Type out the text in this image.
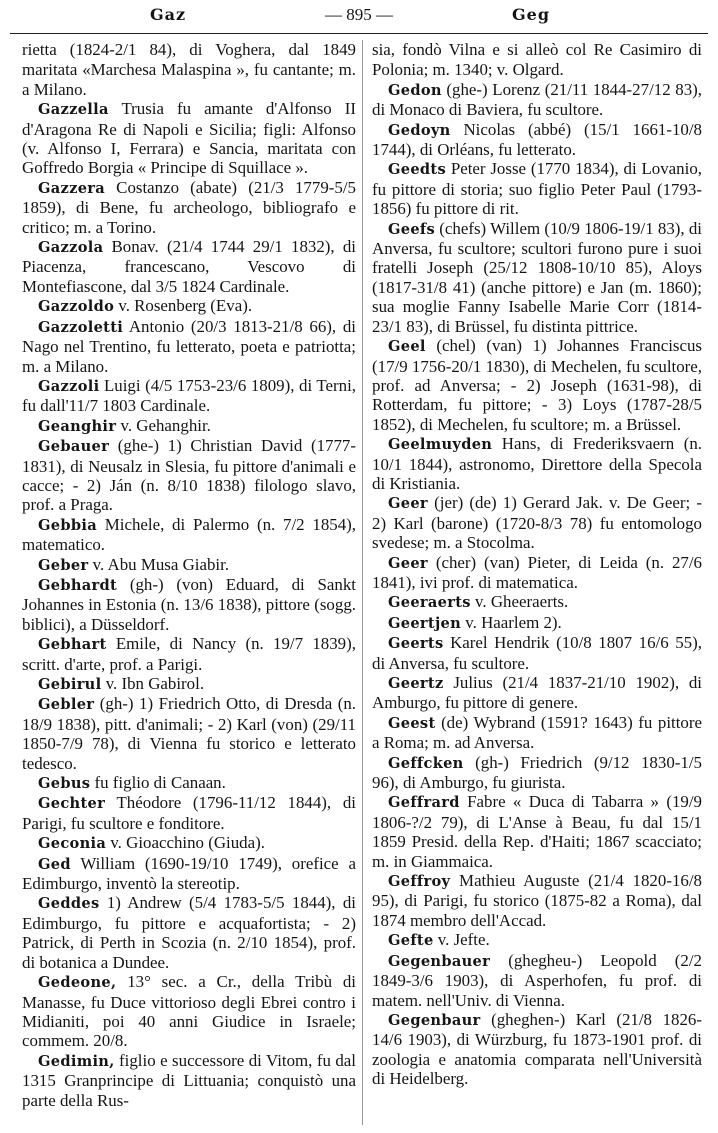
Gaz	— 895 —	Geg

rietta (1824-2/1 84), di Voghera, dal 1849 maritata «Marchesa Malaspina », fu cantante; m. a Milano.

Gazzella Trusia fu amante d'Alfonso II d'Aragona Re di Napoli e Sicilia; figli: Alfonso (v. Alfonso I, Ferrara) e Sancia, maritata con Goffredo Borgia « Principe di Squillace ».

Gazzera Costanzo (abate) (21/3 1779-5/5 1859), di Bene, fu archeologo, bibliografo e critico; m. a Torino.

Gazzola Bonav. (21/4 1744 29/1 1832), di Piacenza, francescano, Vescovo di Montefiascone, dal 3/5 1824 Cardinale.

Gazzoldo v. Rosenberg (Eva).

Gazzoletti Antonio (20/3 1813-21/8 66), di Nago nel Trentino, fu letterato, poeta e patriotta; m. a Milano.

Gazzoli Luigi (4/5 1753-23/6 1809), di Terni, fu dall'11/7 1803 Cardinale.

Geanghir v. Gehanghir.

Gebauer (ghe-) 1) Christian David (1777-1831), di Neusalz in Slesia, fu pittore d'animali e cacce; - 2) Ján (n. 8/10 1838) filologo slavo, prof. a Praga.

Gebbia Michele, di Palermo (n. 7/2 1854), matematico.

Geber v. Abu Musa Giabir.

Gebhardt (gh-) (von) Eduard, di Sankt Johannes in Estonia (n. 13/6 1838), pittore (sogg. biblici), a Düsseldorf.

Gebhart Emile, di Nancy (n. 19/7 1839), scritt. d'arte, prof. a Parigi.

Gebirul v. Ibn Gabirol.

Gebler (gh-) 1) Friedrich Otto, di Dresda (n. 18/9 1838), pitt. d'animali; - 2) Karl (von) (29/11 1850-7/9 78), di Vienna fu storico e letterato tedesco.

Gebus fu figlio di Canaan.

Gechter Théodore (1796-11/12 1844), di Parigi, fu scultore e fonditore.

Geconia v. Gioacchino (Giuda).

Ged William (1690-19/10 1749), orefice a Edimburgo, inventò la stereotip.

Geddes 1) Andrew (5/4 1783-5/5 1844), di Edimburgo, fu pittore e acquafortista; - 2) Patrick, di Perth in Scozia (n. 2/10 1854), prof. di botanica a Dundee.

Gedeone, 13° sec. a Cr., della Tribù di Manasse, fu Duce vittorioso degli Ebrei contro i Midianiti, poi 40 anni Giudice in Israele; commem. 20/8.

Gedimin, figlio e successore di Vitom, fu dal 1315 Granprincipe di Littuania; conquistò una parte della Rus-

sia, fondò Vilna e si alleò col Re Casimiro di Polonia; m. 1340; v. Olgard.

Gedon (ghe-) Lorenz (21/11 1844-27/12 83), di Monaco di Baviera, fu scultore.

Gedoyn Nicolas (abbé) (15/1 1661-10/8 1744), di Orléans, fu letterato.

Geedts Peter Josse (1770 1834), di Lovanio, fu pittore di storia; suo figlio Peter Paul (1793-1856) fu pittore di rit.

Geefs (chefs) Willem (10/9 1806-19/1 83), di Anversa, fu scultore; scultori furono pure i suoi fratelli Joseph (25/12 1808-10/10 85), Aloys (1817-31/8 41) (anche pittore) e Jan (m. 1860); sua moglie Fanny Isabelle Marie Corr (1814-23/1 83), di Brüssel, fu distinta pittrice.

Geel (chel) (van) 1) Johannes Franciscus (17/9 1756-20/1 1830), di Mechelen, fu scultore, prof. ad Anversa; - 2) Joseph (1631-98), di Rotterdam, fu pittore; - 3) Loys (1787-28/5 1852), di Mechelen, fu scultore; m. a Brüssel.

Geelmuyden Hans, di Frederiksvaern (n. 10/1 1844), astronomo, Direttore della Specola di Kristiania.

Geer (jer) (de) 1) Gerard Jak. v. De Geer; - 2) Karl (barone) (1720-8/3 78) fu entomologo svedese; m. a Stocolma.

Geer (cher) (van) Pieter, di Leida (n. 27/6 1841), ivi prof. di matematica.

Geeraerts v. Gheeraerts.

Geertjen v. Haarlem 2).

Geerts Karel Hendrik (10/8 1807 16/6 55), di Anversa, fu scultore.

Geertz Julius (21/4 1837-21/10 1902), di Amburgo, fu pittore di genere.

Geest (de) Wybrand (1591? 1643) fu pittore a Roma; m. ad Anversa.

Geffcken (gh-) Friedrich (9/12 1830-1/5 96), di Amburgo, fu giurista.

Geffrard Fabre « Duca di Tabarra » (19/9 1806-?/2 79), di L'Anse à Beau, fu dal 15/1 1859 Presid. della Rep. d'Haiti; 1867 scacciato; m. in Giammaica.

Geffroy Mathieu Auguste (21/4 1820-16/8 95), di Parigi, fu storico (1875-82 a Roma), dal 1874 membro dell'Accad.

Gefte v. Jefte.

Gegenbauer (ghegheu-) Leopold (2/2 1849-3/6 1903), di Asperhofen, fu prof. di matem. nell'Univ. di Vienna.

Gegenbaur (gheghen-) Karl (21/8 1826-14/6 1903), di Würzburg, fu 1873-1901 prof. di zoologia e anatomia comparata nell'Università di Heidelberg.
